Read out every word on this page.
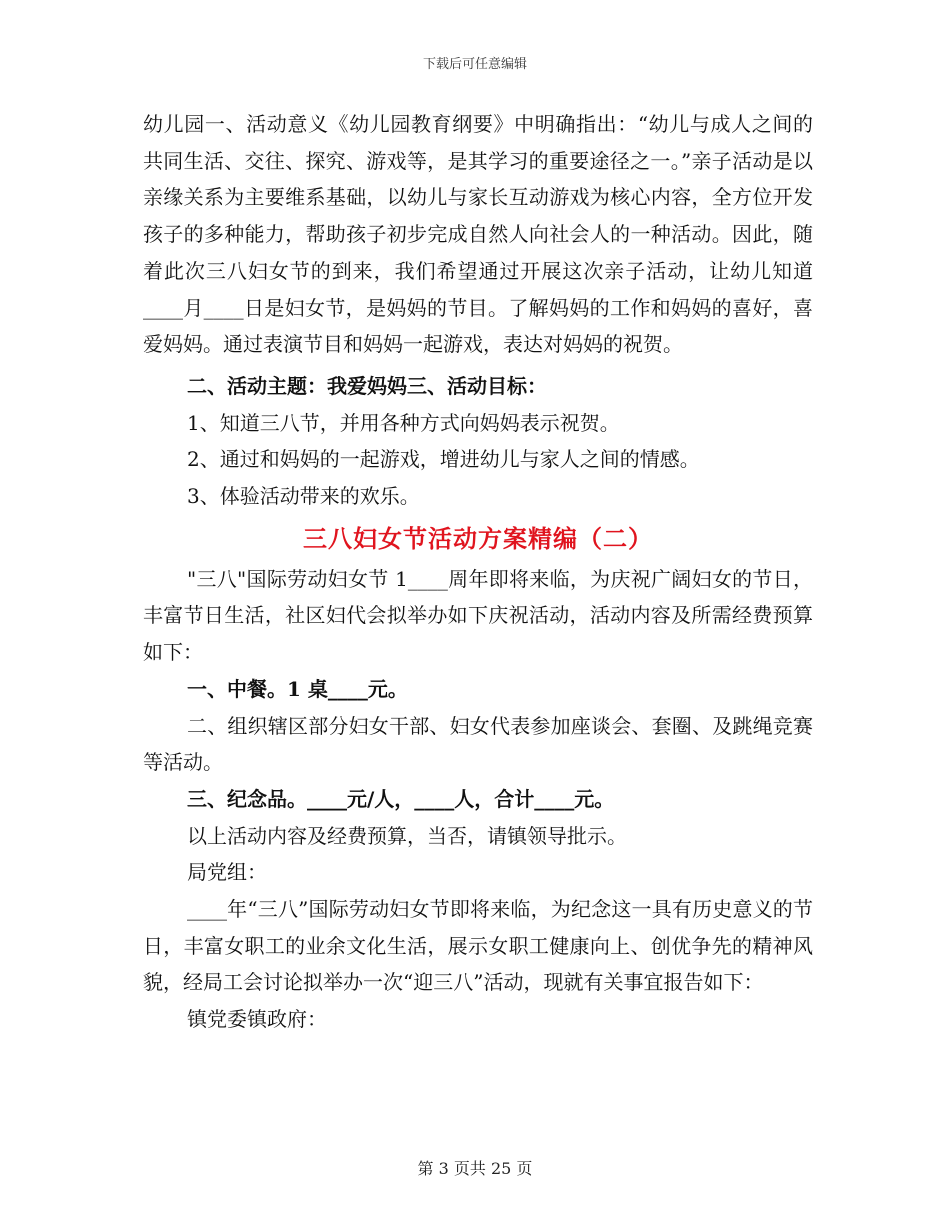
下载后可任意编辑

幼儿园一、活动意义《幼儿园教育纲要》中明确指出：“幼儿与成人之间的共同生活、交往、探究、游戏等，是其学习的重要途径之一。”亲子活动是以亲缘关系为主要维系基础，以幼儿与家长互动游戏为核心内容，全方位开发孩子的多种能力，帮助孩子初步完成自然人向社会人的一种活动。因此，随着此次三八妇女节的到来，我们希望通过开展这次亲子活动，让幼儿知道____月____日是妇女节，是妈妈的节目。了解妈妈的工作和妈妈的喜好，喜爱妈妈。通过表演节目和妈妈一起游戏，表达对妈妈的祝贺。

二、活动主题：我爱妈妈三、活动目标：

1、知道三八节，并用各种方式向妈妈表示祝贺。

2、通过和妈妈的一起游戏，增进幼儿与家人之间的情感。

3、体验活动带来的欢乐。

三八妇女节活动方案精编（二）

"三八"国际劳动妇女节 1____周年即将来临，为庆祝广阔妇女的节日，丰富节日生活，社区妇代会拟举办如下庆祝活动，活动内容及所需经费预算如下：

一、中餐。1 桌____元。

二、组织辖区部分妇女干部、妇女代表参加座谈会、套圈、及跳绳竞赛等活动。

三、纪念品。____元/人，____人，合计____元。

以上活动内容及经费预算，当否，请镇领导批示。

局党组：

____年“三八”国际劳动妇女节即将来临，为纪念这一具有历史意义的节日，丰富女职工的业余文化生活，展示女职工健康向上、创优争先的精神风貌，经局工会讨论拟举办一次“迎三八”活动，现就有关事宜报告如下：

镇党委镇政府：

第 3 页共 25 页
